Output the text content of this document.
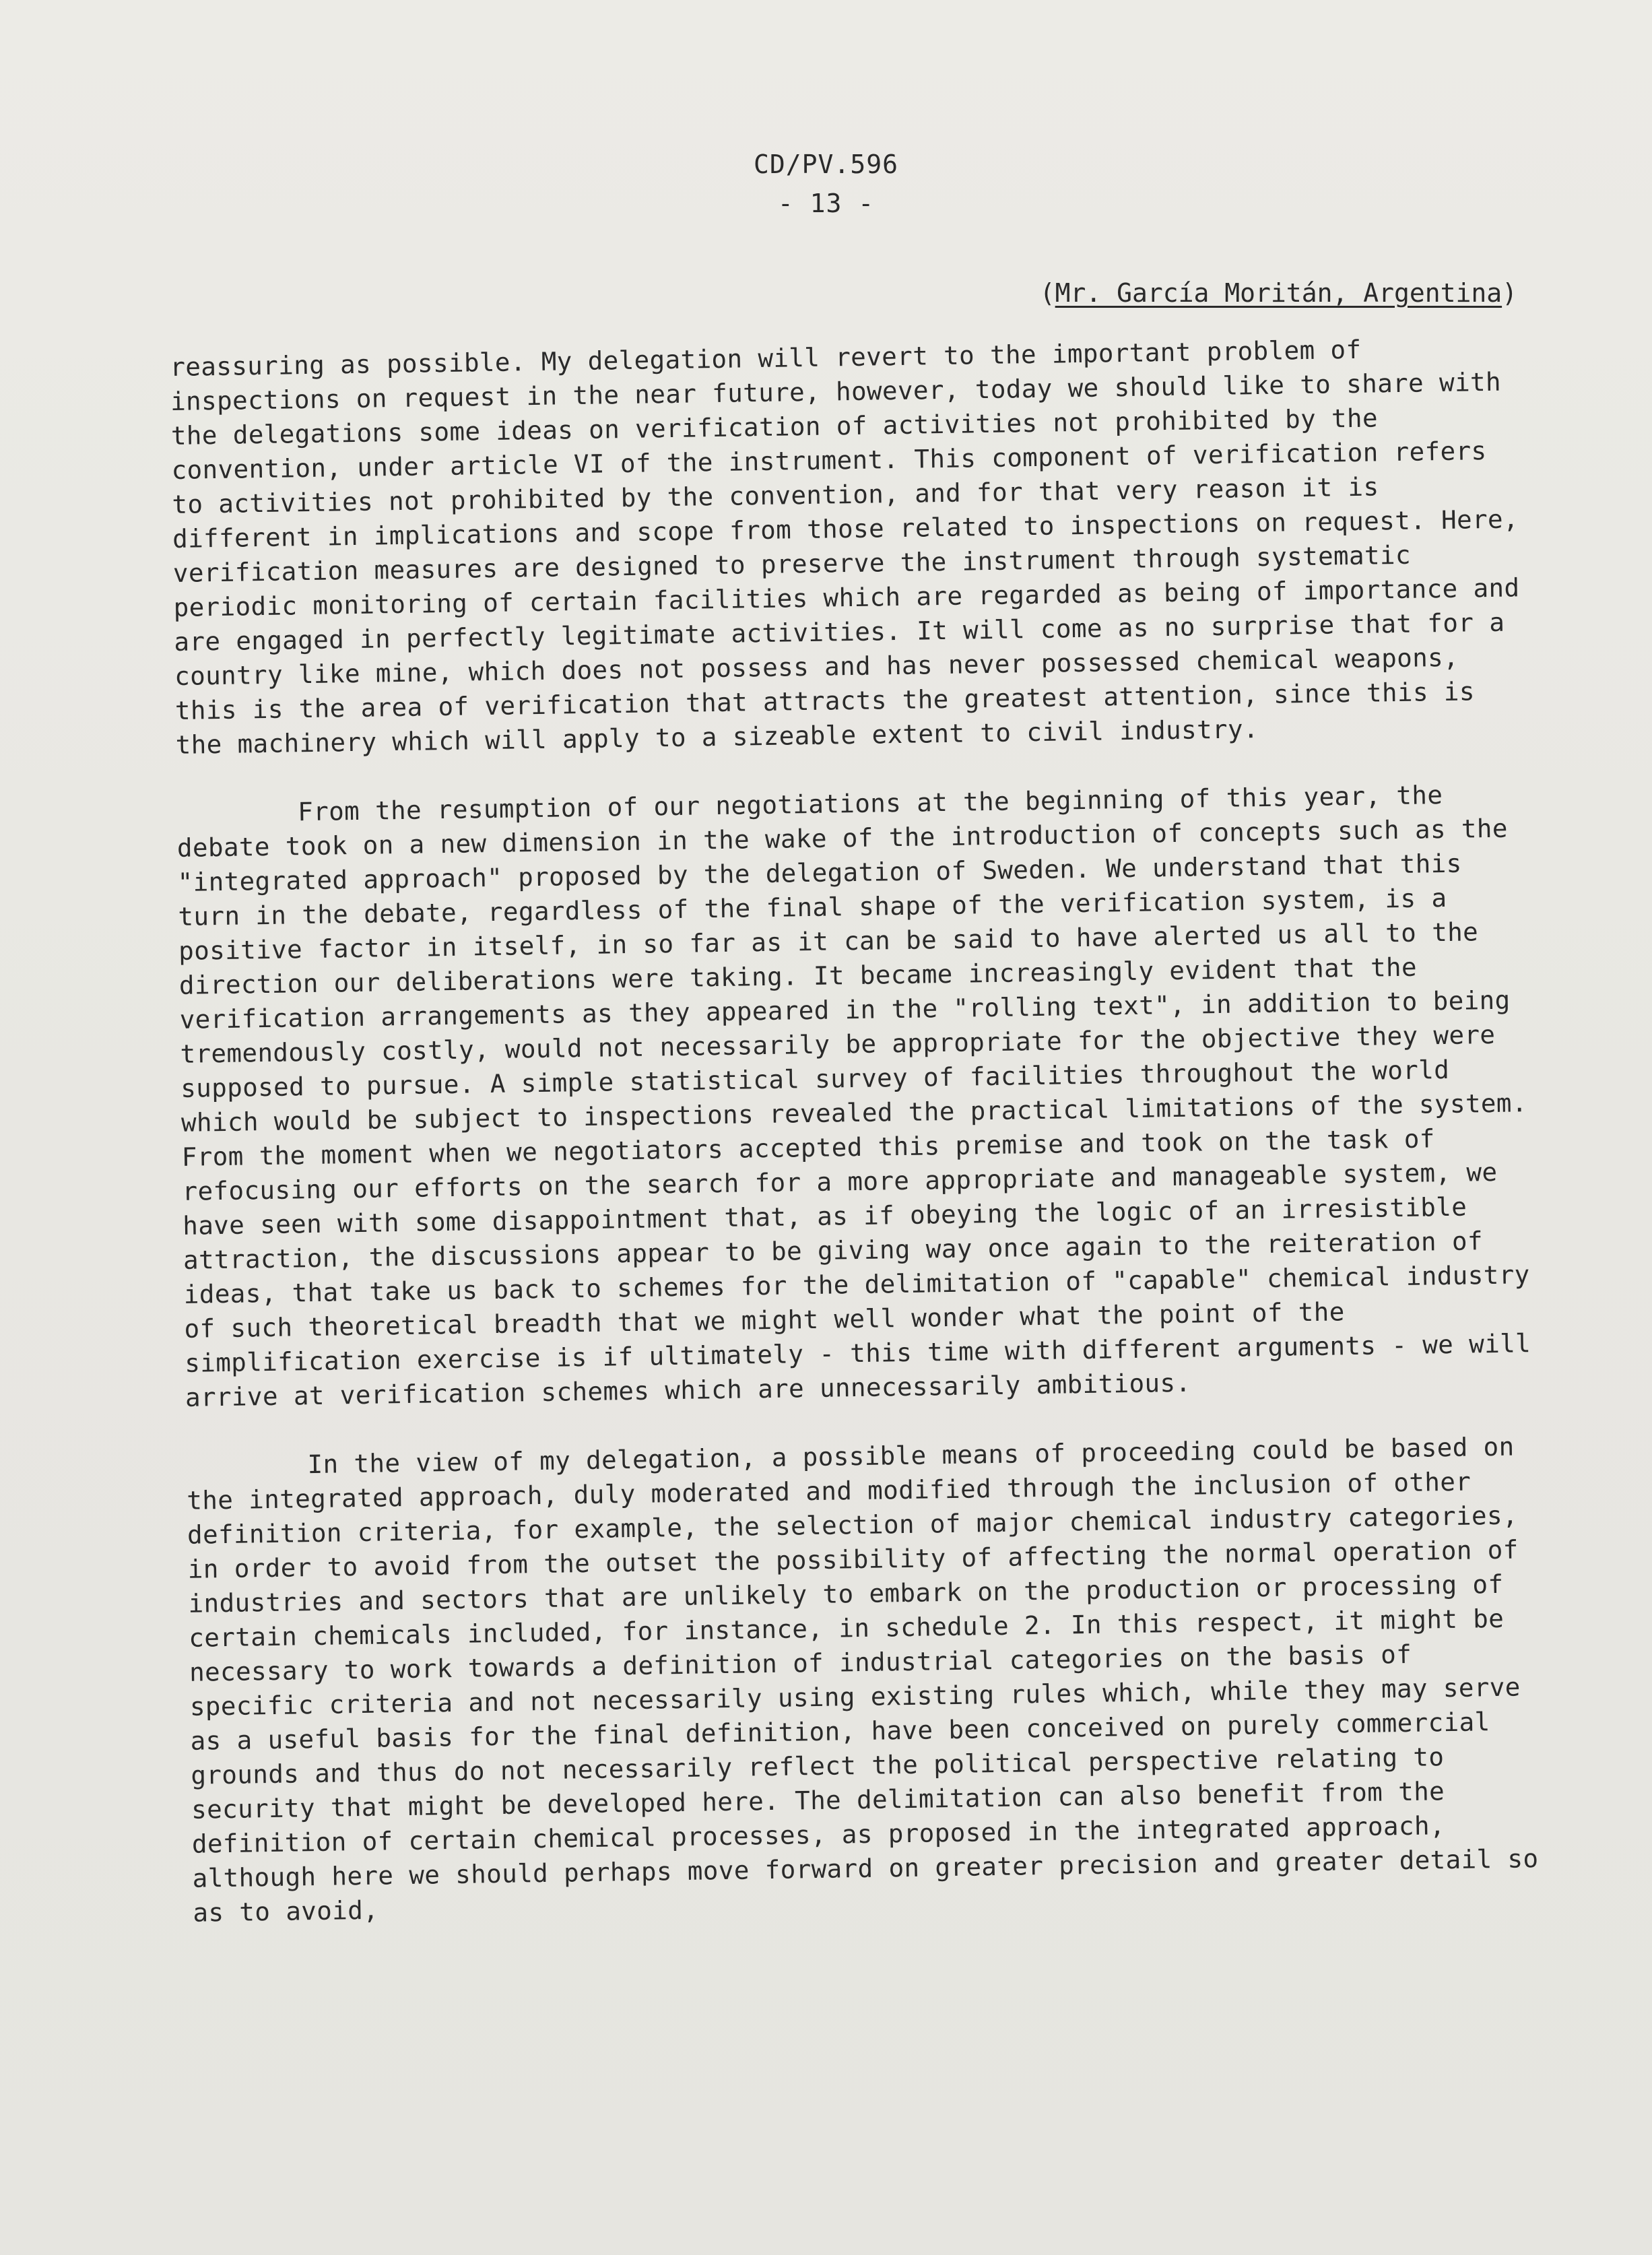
CD/PV.596
- 13 -
(Mr. García Moritán, Argentina)

reassuring as possible. My delegation will revert to the important problem of inspections on request in the near future, however, today we should like to share with the delegations some ideas on verification of activities not prohibited by the convention, under article VI of the instrument. This component of verification refers to activities not prohibited by the convention, and for that very reason it is different in implications and scope from those related to inspections on request. Here, verification measures are designed to preserve the instrument through systematic periodic monitoring of certain facilities which are regarded as being of importance and are engaged in perfectly legitimate activities. It will come as no surprise that for a country like mine, which does not possess and has never possessed chemical weapons, this is the area of verification that attracts the greatest attention, since this is the machinery which will apply to a sizeable extent to civil industry.

From the resumption of our negotiations at the beginning of this year, the debate took on a new dimension in the wake of the introduction of concepts such as the "integrated approach" proposed by the delegation of Sweden. We understand that this turn in the debate, regardless of the final shape of the verification system, is a positive factor in itself, in so far as it can be said to have alerted us all to the direction our deliberations were taking. It became increasingly evident that the verification arrangements as they appeared in the "rolling text", in addition to being tremendously costly, would not necessarily be appropriate for the objective they were supposed to pursue. A simple statistical survey of facilities throughout the world which would be subject to inspections revealed the practical limitations of the system. From the moment when we negotiators accepted this premise and took on the task of refocusing our efforts on the search for a more appropriate and manageable system, we have seen with some disappointment that, as if obeying the logic of an irresistible attraction, the discussions appear to be giving way once again to the reiteration of ideas, that take us back to schemes for the delimitation of "capable" chemical industry of such theoretical breadth that we might well wonder what the point of the simplification exercise is if ultimately - this time with different arguments - we will arrive at verification schemes which are unnecessarily ambitious.

In the view of my delegation, a possible means of proceeding could be based on the integrated approach, duly moderated and modified through the inclusion of other definition criteria, for example, the selection of major chemical industry categories, in order to avoid from the outset the possibility of affecting the normal operation of industries and sectors that are unlikely to embark on the production or processing of certain chemicals included, for instance, in schedule 2. In this respect, it might be necessary to work towards a definition of industrial categories on the basis of specific criteria and not necessarily using existing rules which, while they may serve as a useful basis for the final definition, have been conceived on purely commercial grounds and thus do not necessarily reflect the political perspective relating to security that might be developed here. The delimitation can also benefit from the definition of certain chemical processes, as proposed in the integrated approach, although here we should perhaps move forward on greater precision and greater detail so as to avoid,
